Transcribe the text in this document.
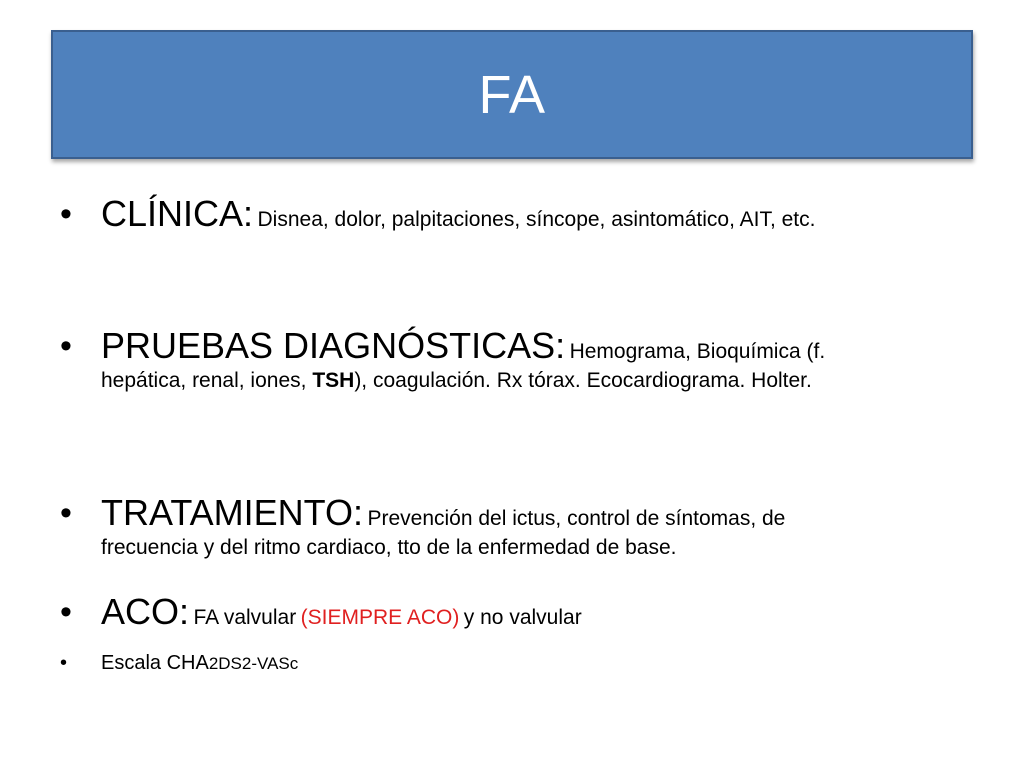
FA
• CLÍNICA: Disnea, dolor, palpitaciones, síncope, asintomático, AIT, etc.
• PRUEBAS DIAGNÓSTICAS: Hemograma, Bioquímica (f.
hepática, renal, iones, TSH), coagulación. Rx tórax. Ecocardiograma. Holter.
• TRATAMIENTO: Prevención del ictus, control de síntomas, de
frecuencia y del ritmo cardiaco, tto de la enfermedad de base.
• ACO: FA valvular (SIEMPRE ACO) y no valvular
• Escala CHA2DS2-VASc
